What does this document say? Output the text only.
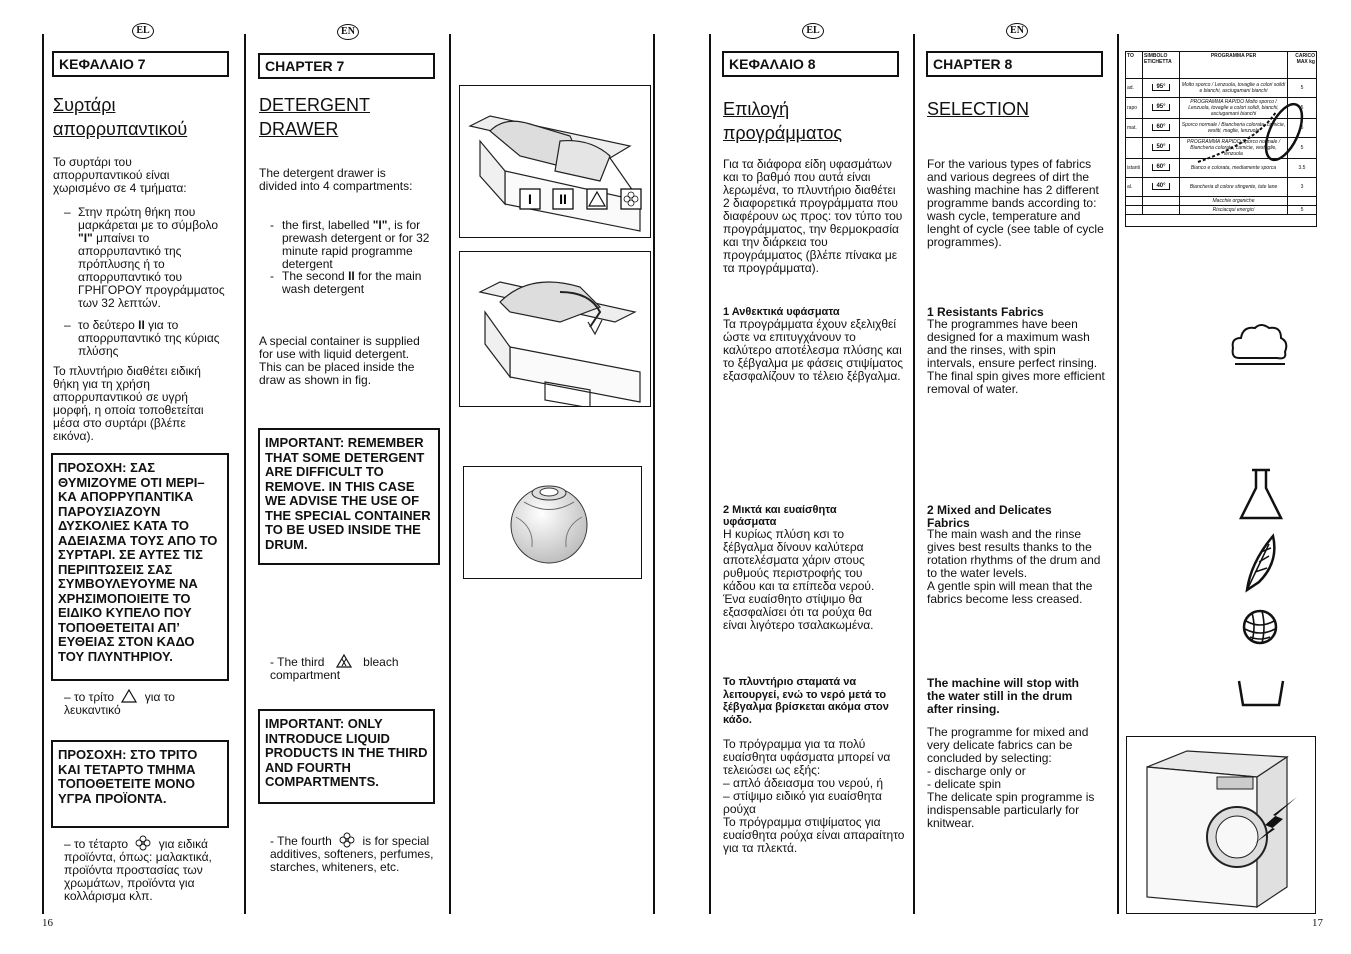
EL	EN	EL	EN
ΚΕΦΑΛΑΙΟ 7
Συρτάρι
απορρυπαντικού
Το συρτάρι του απορρυπαντικού είναι χωρισμένο σε 4 τμήματα:
– Στην πρώτη θήκη που μαρκάρεται με το σύμβολο "I" μπαίνει το απορρυπαντικό της πρόπλυσης ή το απορρυπαντικό του ΓΡΗΓΟΡΟΥ προγράμματος των 32 λεπτών.
– το δεύτερο II για το απορρυπαντικό της κύριας πλύσης
Το πλυντήριο διαθέτει ειδική θήκη για τη χρήση απορρυπαντικού σε υγρή μορφή, η οποία τοποθετείται μέσα στο συρτάρι (βλέπε εικόνα).
ΠΡΟΣΟΧΗ: ΣΑΣ ΘΥΜΙΖΟΥΜΕ ΟΤΙ ΜΕΡΙ– ΚΑ ΑΠΟΡΡΥΠΑΝΤΙΚΑ ΠΑΡΟΥΣΙΑΖΟΥΝ ΔΥΣΚΟΛΙΕΣ ΚΑΤΑ ΤΟ ΑΔΕΙΑΣΜΑ ΤΟΥΣ ΑΠΟ ΤΟ ΣΥΡΤΑΡΙ. ΣΕ ΑΥΤΕΣ ΤΙΣ ΠΕΡΙΠΤΩΣΕΙΣ ΣΑΣ ΣΥΜΒΟΥΛΕΥΟΥΜΕ ΝΑ ΧΡΗΣΙΜΟΠΟΙΕΙΤΕ ΤΟ ΕΙΔΙΚΟ ΚΥΠΕΛΟ ΠΟΥ ΤΟΠΟΘΕΤΕΙΤΑΙ ΑΠ’ ΕΥΘΕΙΑΣ ΣΤΟΝ ΚΑΔΟ ΤΟΥ ΠΛΥΝΤΗΡΙΟΥ.
– το τρίτο	για το λευκαντικό
ΠΡΟΣΟΧΗ: ΣΤΟ ΤΡΙΤΟ ΚΑΙ ΤΕΤΑΡΤΟ ΤΜΗΜΑ ΤΟΠΟΘΕΤΕΙΤΕ ΜΟΝΟ ΥΓΡΑ ΠΡΟΪΟΝΤΑ.
– το τέταρτο	για ειδικά προϊόντα, όπως: μαλακτικά, προϊόντα προστασίας των χρωμάτων, προϊόντα για κολλάρισμα κλπ.
CHAPTER 7
DETERGENT
DRAWER
The detergent drawer is divided into 4 compartments:
- the first, labelled "I", is for prewash detergent or for 32 minute rapid programme detergent
- The second II for the main wash detergent
A special container is supplied for use with liquid detergent. This can be placed inside the draw as shown in fig.
IMPORTANT: REMEMBER THAT SOME DETERGENT ARE DIFFICULT TO REMOVE. IN THIS CASE WE ADVISE THE USE OF THE SPECIAL CONTAINER TO BE USED INSIDE THE DRUM.
- The third	bleach compartment
IMPORTANT: ONLY INTRODUCE LIQUID PRODUCTS IN THE THIRD AND FOURTH COMPARTMENTS.
- The fourth	is for special additives, softeners, perfumes, starches, whiteners, etc.
I II
ΚΕΦΑΛΑΙΟ 8
Επιλογή
προγράμματος
Για τα διάφορα είδη υφασμάτων και το βαθμό που αυτά είναι λερωμένα, το πλυντήριο διαθέτει 2 διαφορετικά προγράμματα που διαφέρουν ως προς: τον τύπο του προγράμματος, την θερμοκρασία και την διάρκεια του προγράμματος (βλέπε πίνακα με τα προγράμματα).
1 Ανθεκτικά υφάσματα
Τα προγράμματα έχουν εξελιχθεί ώστε να επιτυγχάνουν το καλύτερο αποτέλεσμα πλύσης και το ξέβγαλμα με φάσεις στιψίματος εξασφαλίζουν το τέλειο ξέβγαλμα.
2 Μικτά και ευαίσθητα υφάσματα
Η κυρίως πλύση κσι το ξέβγαλμα δίνουν καλύτερα αποτελέσματα χάριν στους ρυθμούς περιστροφής του κάδου και τα επίπεδα νερού. Ένα ευαίσθητο στίψιμο θα εξασφαλίσει ότι τα ρούχα θα είναι λιγότερο τσαλακωμένα.
Το πλυντήριο σταματά να λειτουργεί, ενώ το νερό μετά το ξέβγαλμα βρίσκεται ακόμα στον κάδο.

Το πρόγραμμα για τα πολύ ευαίσθητα υφάσματα μπορεί να τελειώσει ως εξής:

– απλό άδειασμα του νερού, ή

– στίψιμο ειδικό για ευαίσθητα ρούχα

Το πρόγραμμα στιψίματος για ευαίσθητα ρούχα είναι απαραίτητο για τα πλεκτά.

CHAPTER 8
SELECTION
For the various types of fabrics and various degrees of dirt the washing machine has 2 different programme bands according to: wash cycle, temperature and lenght of cycle (see table of cycle programmes).
1 Resistants Fabrics

The programmes have been designed for a maximum wash and the rinses, with spin intervals, ensure perfect rinsing.

The final spin gives more efficient removal of water.

2 Mixed and Delicates Fabrics

The main wash and the rinse gives best results thanks to the rotation rhythms of the drum and to the water levels.

A gentle spin will mean that the fabrics become less creased.

The machine will stop with the water still in the drum after rinsing.

The programme for mixed and very delicate fabrics can be concluded by selecting:

- discharge only or

- delicate spin

The delicate spin programme is indispensable particularly for knitwear.

TO	SIMBOLO ETICHETTA	PROGRAMMA PER	CARICO MAX kg
ad.	95°	Molto sporco / Lenzuola, tovaglie a colori solidi e bianchi, asciugamani bianchi	5
rapo	95°	PROGRAMMA RAPIDO Molto sporco / Lenzuola, tovaglie a colori solidi, bianchi, asciugamani bianchi	5
mat.	60°	Sporco normale / Biancheria colorata, camicie, vestiti, maglie, lenzuola	5
	50°	PROGRAMMA RAPIDO Sporco normale / Biancheria colorata, camicie, vestaglie, lenzuola	5
istanti	60°	Bianco e colorata, mediamente sporca	3.5
al.	40°	Biancheria di colore stingente, tute lane	3
		Macchie organiche	
		Risciacqui energici	5
16	17
